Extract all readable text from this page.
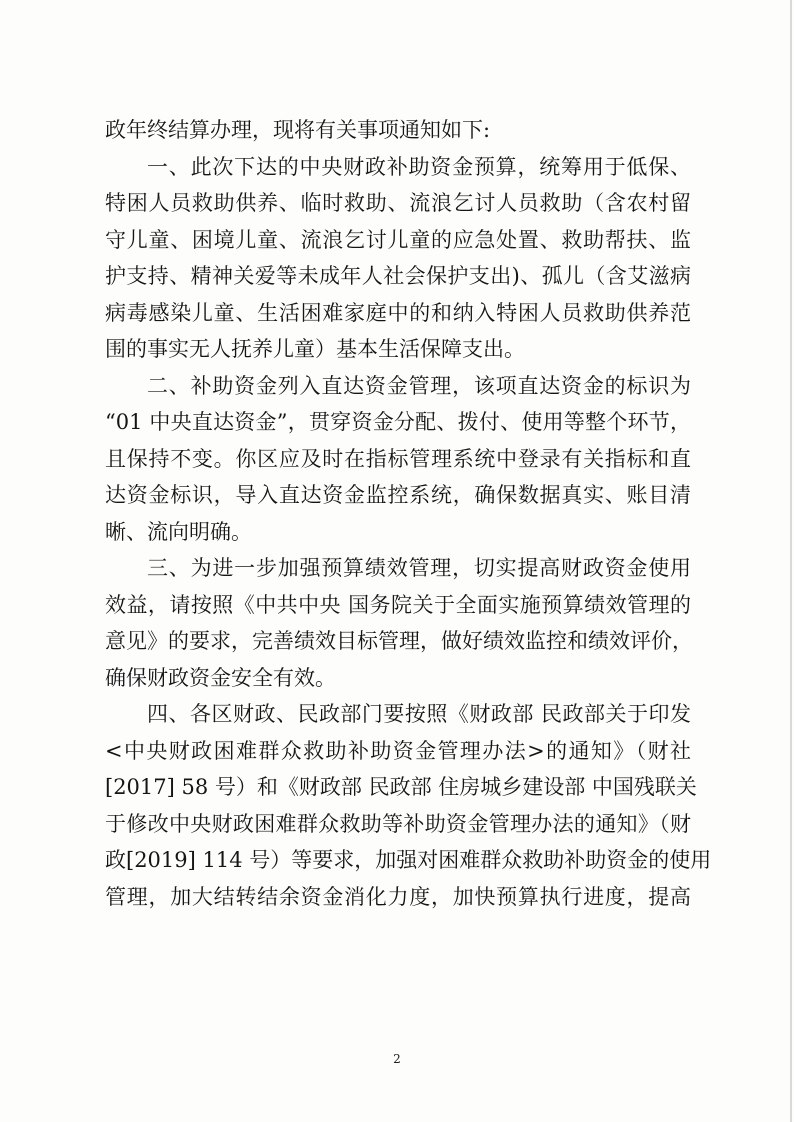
政年终结算办理，现将有关事项通知如下:
一、此次下达的中央财政补助资金预算，统筹用于低保、
特困人员救助供养、临时救助、流浪乞讨人员救助（含农村留
守儿童、困境儿童、流浪乞讨儿童的应急处置、救助帮扶、监
护支持、精神关爱等未成年人社会保护支出)、孤儿（含艾滋病
病毒感染儿童、生活困难家庭中的和纳入特困人员救助供养范
围的事实无人抚养儿童）基本生活保障支出。
二、补助资金列入直达资金管理，该项直达资金的标识为
“01 中央直达资金”，贯穿资金分配、拨付、使用等整个环节，
且保持不变。你区应及时在指标管理系统中登录有关指标和直
达资金标识，导入直达资金监控系统，确保数据真实、账目清
晰、流向明确。
三、为进一步加强预算绩效管理，切实提高财政资金使用
效益，请按照《中共中央 国务院关于全面实施预算绩效管理的
意见》的要求，完善绩效目标管理，做好绩效监控和绩效评价，
确保财政资金安全有效。
四、各区财政、民政部门要按照《财政部 民政部关于印发
<中央财政困难群众救助补助资金管理办法>的通知》（财社
[2017] 58 号）和《财政部 民政部 住房城乡建设部 中国残联关
于修改中央财政困难群众救助等补助资金管理办法的通知》（财
政[2019] 114 号）等要求，加强对困难群众救助补助资金的使用
管理，加大结转结余资金消化力度，加快预算执行进度，提高
2
